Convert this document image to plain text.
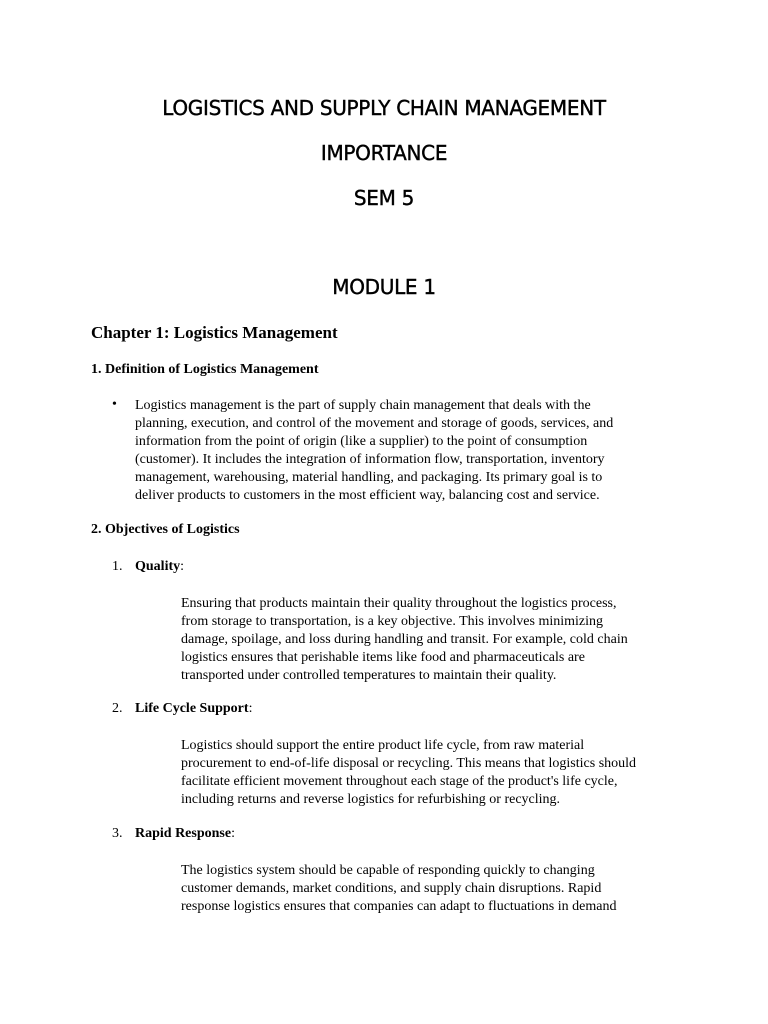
LOGISTICS AND SUPPLY CHAIN MANAGEMENT
IMPORTANCE
SEM 5
MODULE 1

Chapter 1: Logistics Management

1. Definition of Logistics Management

• Logistics management is the part of supply chain management that deals with the
planning, execution, and control of the movement and storage of goods, services, and
information from the point of origin (like a supplier) to the point of consumption
(customer). It includes the integration of information flow, transportation, inventory
management, warehousing, material handling, and packaging. Its primary goal is to
deliver products to customers in the most efficient way, balancing cost and service.

2. Objectives of Logistics

1. Quality:
Ensuring that products maintain their quality throughout the logistics process,
from storage to transportation, is a key objective. This involves minimizing
damage, spoilage, and loss during handling and transit. For example, cold chain
logistics ensures that perishable items like food and pharmaceuticals are
transported under controlled temperatures to maintain their quality.
2. Life Cycle Support:
Logistics should support the entire product life cycle, from raw material
procurement to end-of-life disposal or recycling. This means that logistics should
facilitate efficient movement throughout each stage of the product's life cycle,
including returns and reverse logistics for refurbishing or recycling.
3. Rapid Response:
The logistics system should be capable of responding quickly to changing
customer demands, market conditions, and supply chain disruptions. Rapid
response logistics ensures that companies can adapt to fluctuations in demand
